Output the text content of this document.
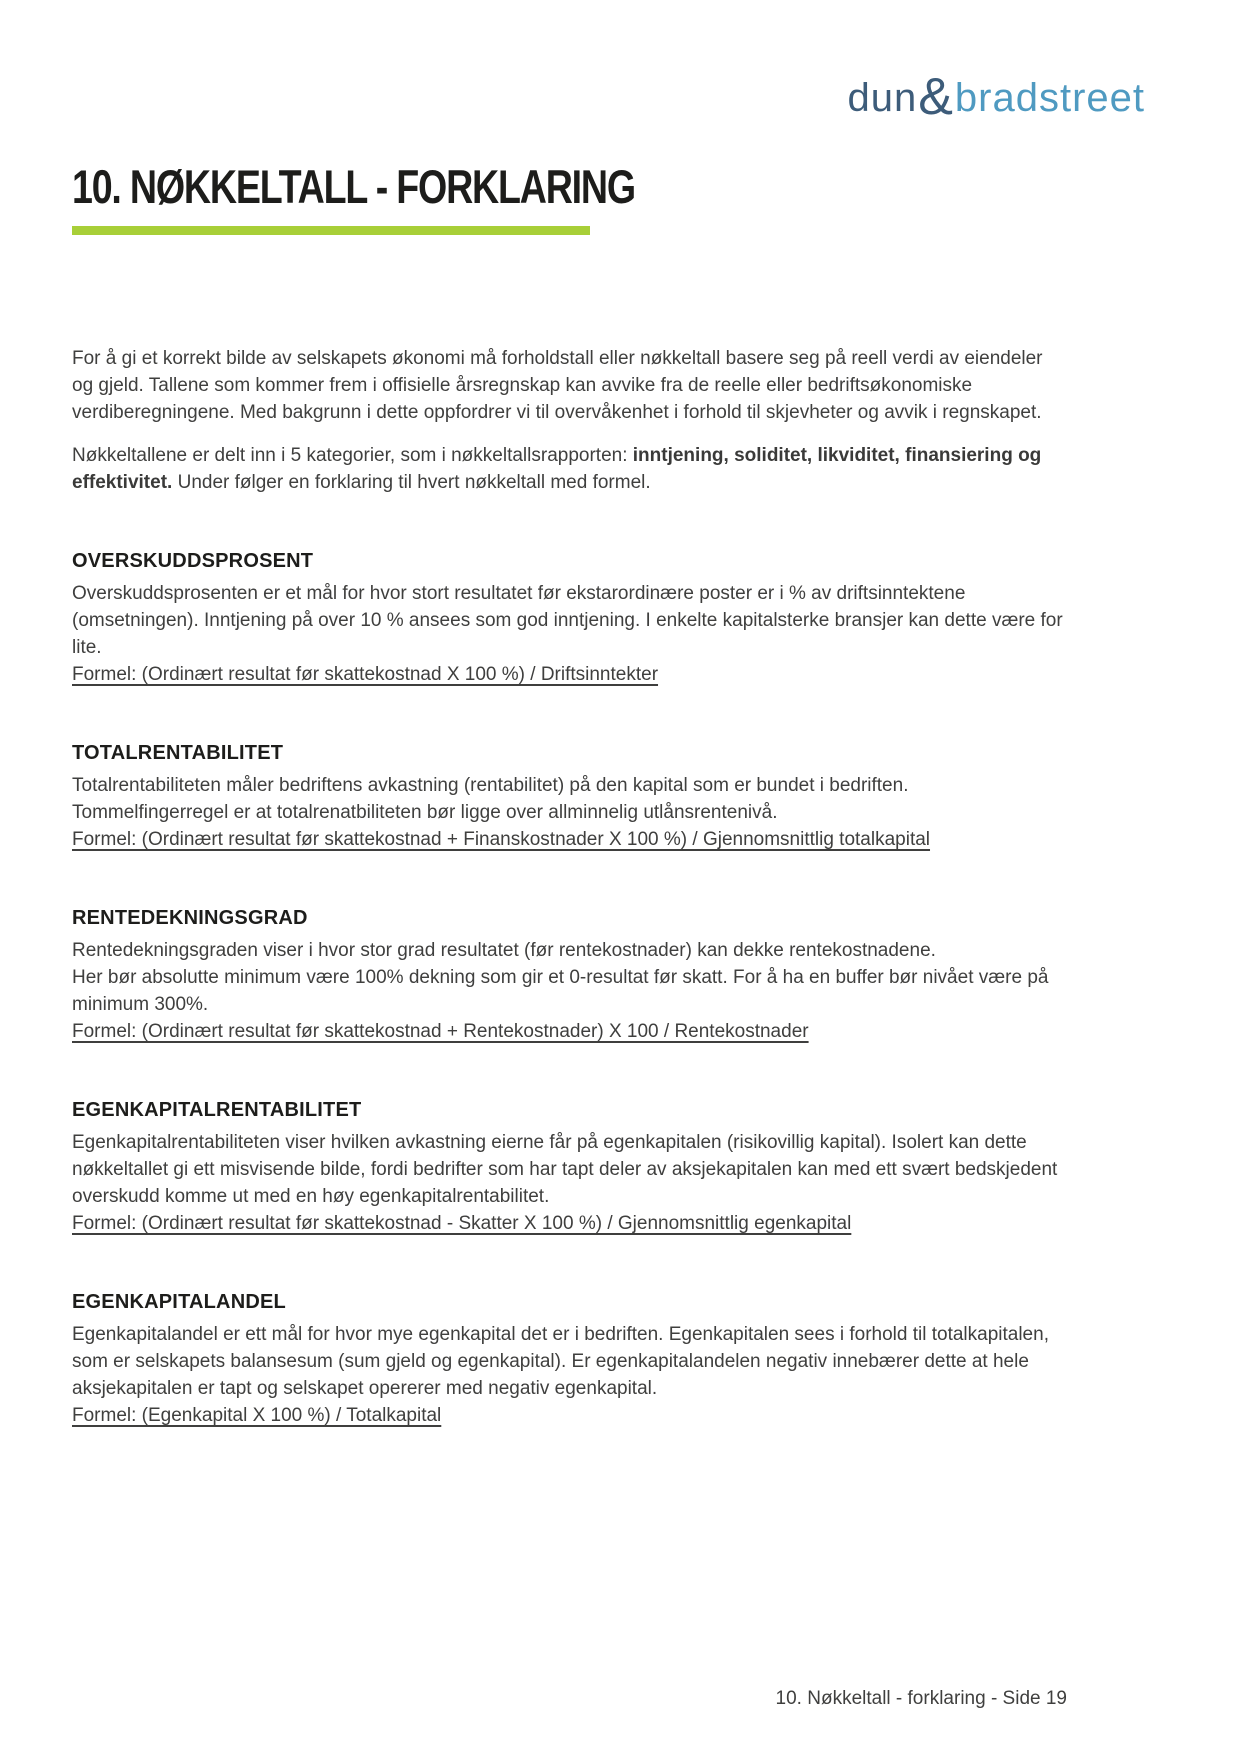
dun&bradstreet
10. NØKKELTALL - FORKLARING

For å gi et korrekt bilde av selskapets økonomi må forholdstall eller nøkkeltall basere seg på reell verdi av eiendeler og gjeld. Tallene som kommer frem i offisielle årsregnskap kan avvike fra de reelle eller bedriftsøkonomiske verdiberegningene. Med bakgrunn i dette oppfordrer vi til overvåkenhet i forhold til skjevheter og avvik i regnskapet.

Nøkkeltallene er delt inn i 5 kategorier, som i nøkkeltallsrapporten: inntjening, soliditet, likviditet, finansiering og effektivitet. Under følger en forklaring til hvert nøkkeltall med formel.

OVERSKUDDSPROSENT

Overskuddsprosenten er et mål for hvor stort resultatet før ekstarordinære poster er i % av driftsinntektene (omsetningen). Inntjening på over 10 % ansees som god inntjening. I enkelte kapitalsterke bransjer kan dette være for lite.

Formel: (Ordinært resultat før skattekostnad X 100 %) / Driftsinntekter

TOTALRENTABILITET

Totalrentabiliteten måler bedriftens avkastning (rentabilitet) på den kapital som er bundet i bedriften.

Tommelfingerregel er at totalrenatbiliteten bør ligge over allminnelig utlånsrentenivå.

Formel: (Ordinært resultat før skattekostnad + Finanskostnader X 100 %) / Gjennomsnittlig totalkapital

RENTEDEKNINGSGRAD

Rentedekningsgraden viser i hvor stor grad resultatet (før rentekostnader) kan dekke rentekostnadene.

Her bør absolutte minimum være 100% dekning som gir et 0-resultat før skatt. For å ha en buffer bør nivået være på minimum 300%.

Formel: (Ordinært resultat før skattekostnad + Rentekostnader) X 100 / Rentekostnader

EGENKAPITALRENTABILITET

Egenkapitalrentabiliteten viser hvilken avkastning eierne får på egenkapitalen (risikovillig kapital). Isolert kan dette nøkkeltallet gi ett misvisende bilde, fordi bedrifter som har tapt deler av aksjekapitalen kan med ett svært bedskjedent overskudd komme ut med en høy egenkapitalrentabilitet.

Formel: (Ordinært resultat før skattekostnad - Skatter X 100 %) / Gjennomsnittlig egenkapital

EGENKAPITALANDEL

Egenkapitalandel er ett mål for hvor mye egenkapital det er i bedriften. Egenkapitalen sees i forhold til totalkapitalen, som er selskapets balansesum (sum gjeld og egenkapital). Er egenkapitalandelen negativ innebærer dette at hele aksjekapitalen er tapt og selskapet opererer med negativ egenkapital.

Formel: (Egenkapital X 100 %) / Totalkapital

10. Nøkkeltall - forklaring - Side 19
